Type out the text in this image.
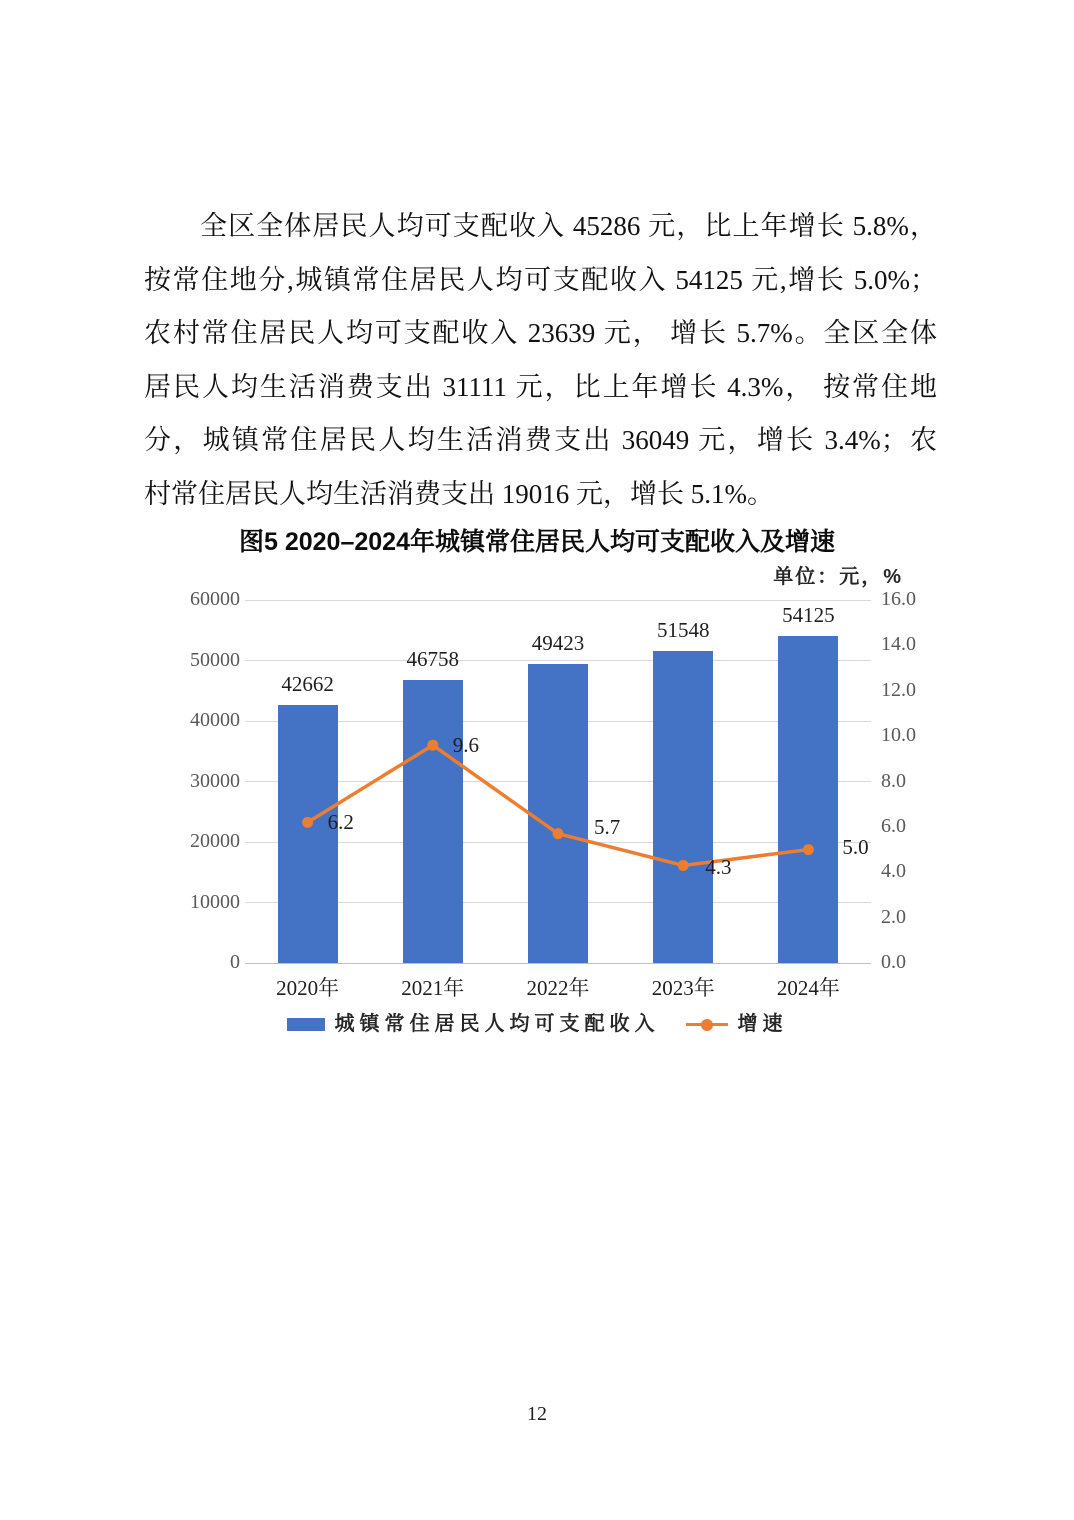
全区全体居民人均可支配收入 45286 元，比上年增长 5.8%，
按常住地分,城镇常住居民人均可支配收入 54125 元,增长 5.0%；
农村常住居民人均可支配收入 23639 元， 增长 5.7%。全区全体
居民人均生活消费支出 31111 元，比上年增长 4.3%， 按常住地
分，城镇常住居民人均生活消费支出 36049 元，增长 3.4%；农
村常住居民人均生活消费支出 19016 元，增长 5.1%。
图5 2020–2024年城镇常住居民人均可支配收入及增速
单位：元，%
60000
50000
40000
30000
20000
10000
0
16.0
14.0
12.0
10.0
8.0
6.0
4.0
2.0
0.0
42662
46758
49423
51548
54125
2020年	2021年	2022年	2023年	2024年
6.2
9.6
5.7
4.3
5.0
城镇常住居民人均可支配收入	增速
12
